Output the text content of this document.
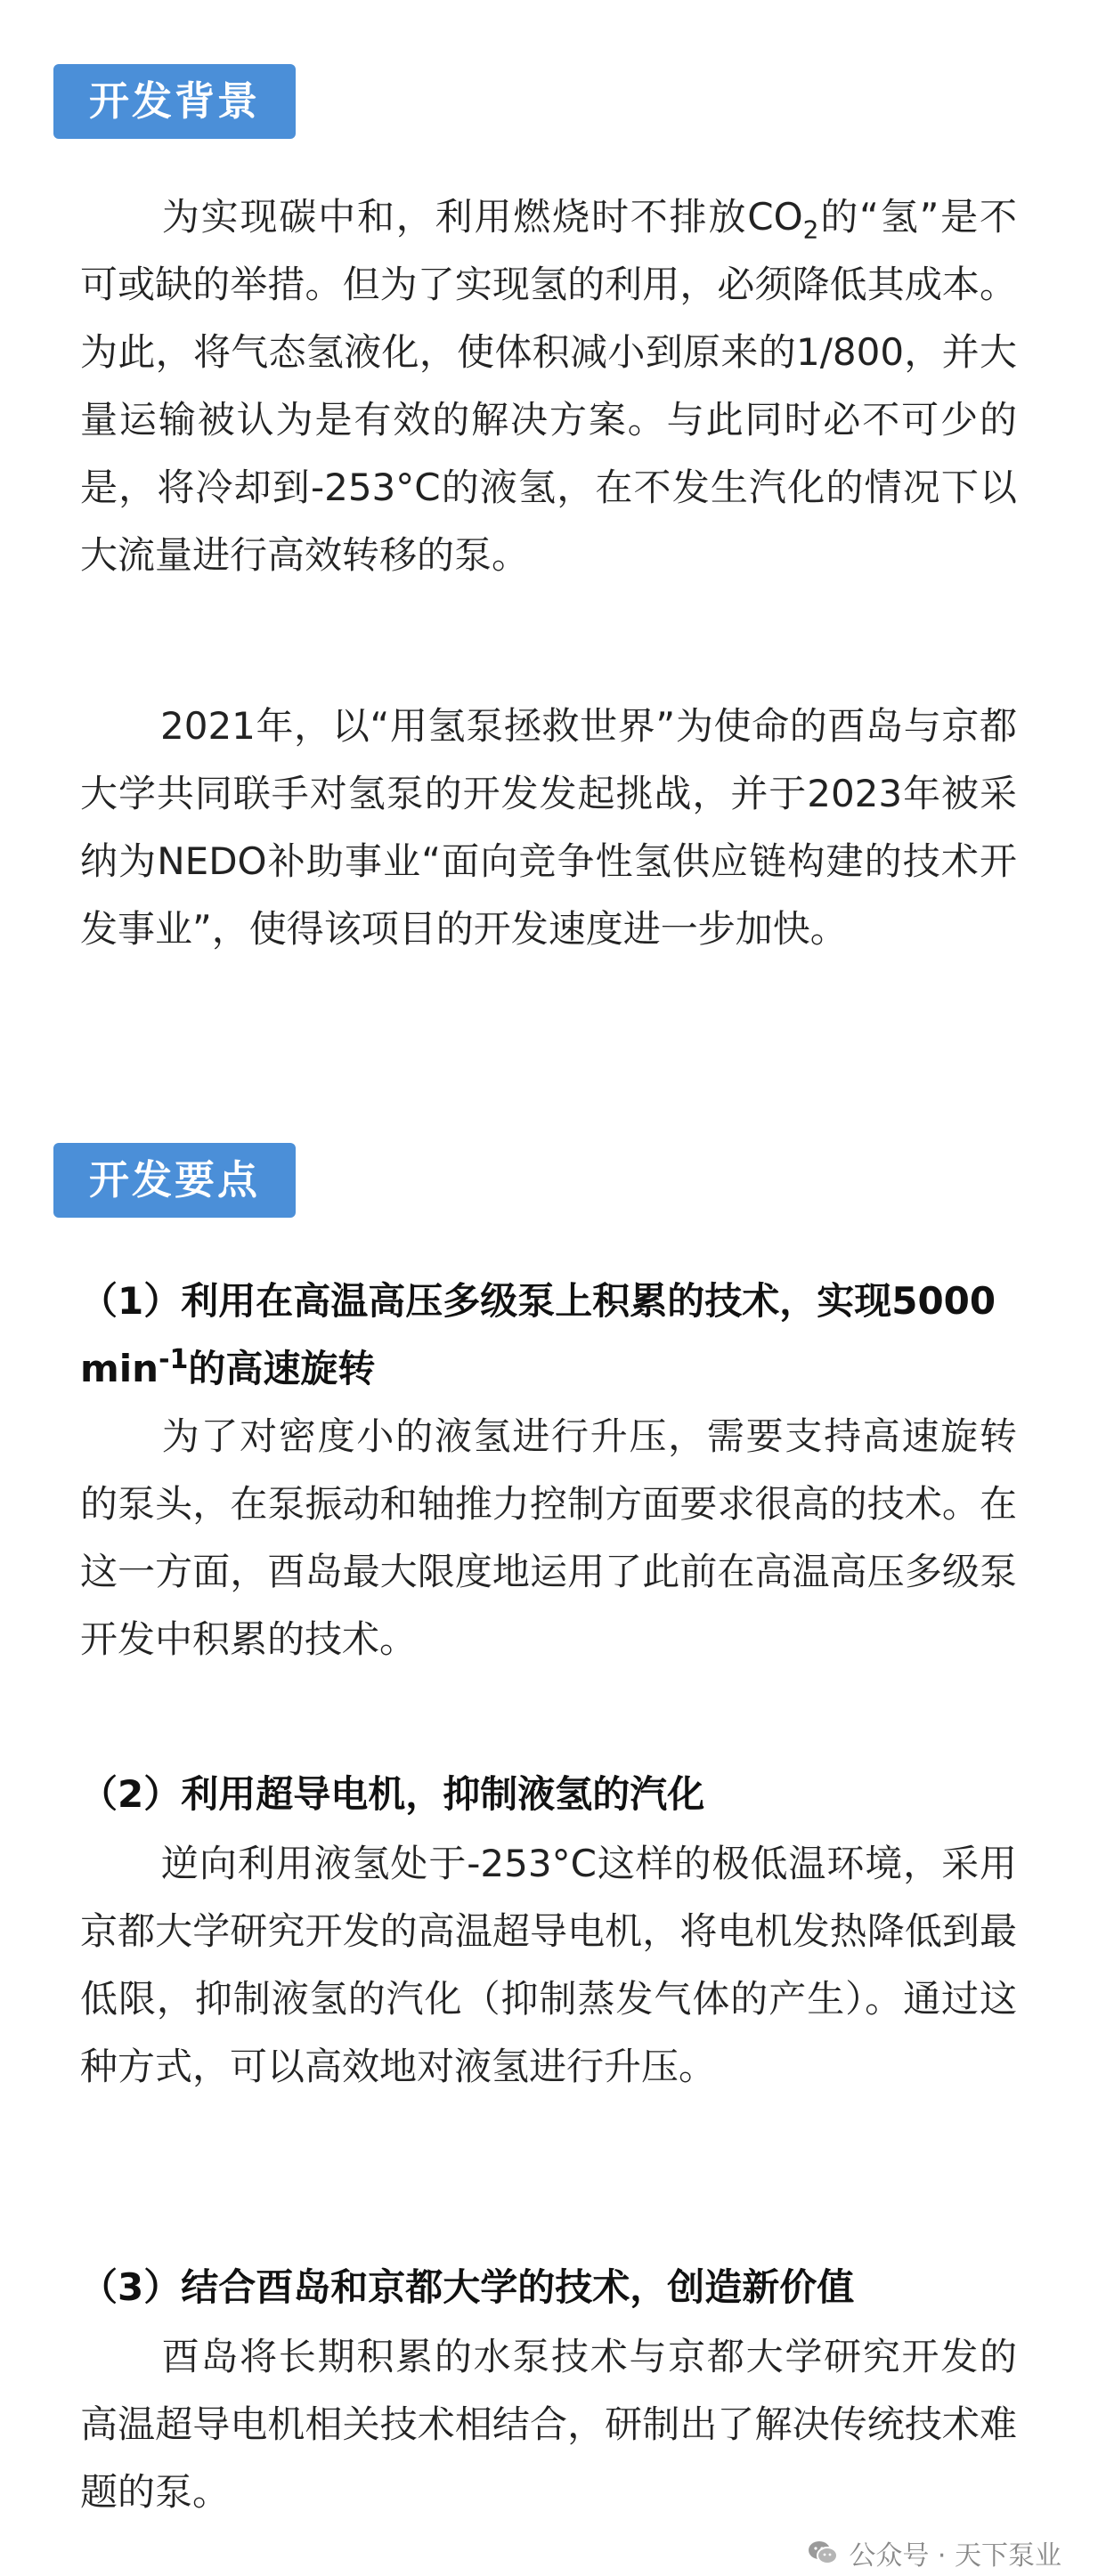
开发背景

为实现碳中和，利用燃烧时不排放$CO_2$的“氢”是不可或缺的举措。但为了实现氢的利用，必须降低其成本。为此，将气态氢液化，使体积减小到原来的1/800，并大量运输被认为是有效的解决方案。与此同时必不可少的是，将冷却到-253°C的液氢，在不发生汽化的情况下以大流量进行高效转移的泵。

2021年，以“用氢泵拯救世界”为使命的酉岛与京都大学共同联手对氢泵的开发发起挑战，并于2023年被采纳为NEDO补助事业“面向竞争性氢供应链构建的技术开发事业”，使得该项目的开发速度进一步加快。

开发要点

（1）利用在高温高压多级泵上积累的技术，实现5000 $\min^{-1}$的高速旋转

为了对密度小的液氢进行升压，需要支持高速旋转的泵头，在泵振动和轴推力控制方面要求很高的技术。在这一方面，酉岛最大限度地运用了此前在高温高压多级泵开发中积累的技术。

（2）利用超导电机，抑制液氢的汽化

逆向利用液氢处于-253°C这样的极低温环境，采用京都大学研究开发的高温超导电机，将电机发热降低到最低限，抑制液氢的汽化（抑制蒸发气体的产生）。通过这种方式，可以高效地对液氢进行升压。

（3）结合酉岛和京都大学的技术，创造新价值

酉岛将长期积累的水泵技术与京都大学研究开发的高温超导电机相关技术相结合，研制出了解决传统技术难题的泵。

公众号 · 天下泵业
